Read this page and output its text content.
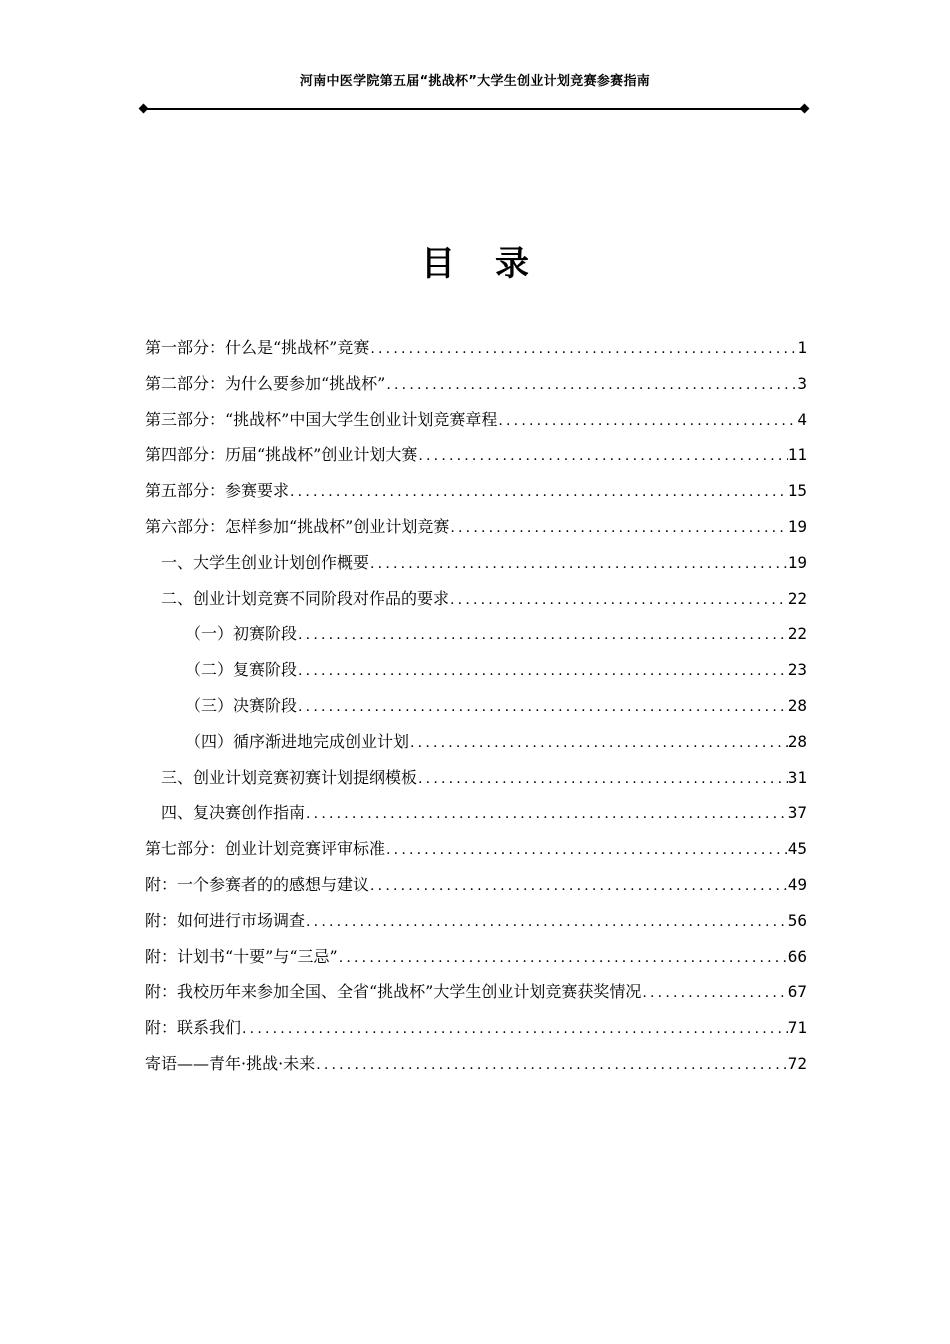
河南中医学院第五届“挑战杯”大学生创业计划竞赛参赛指南
目录
第一部分：什么是“挑战杯”竞赛 .....	1
第二部分：为什么要参加“挑战杯” .....	3
第三部分：“挑战杯”中国大学生创业计划竞赛章程 .....	4
第四部分：历届“挑战杯”创业计划大赛 .....	11
第五部分：参赛要求 .....	15
第六部分：怎样参加“挑战杯”创业计划竞赛 .....	19
一、大学生创业计划创作概要 .....	19
二、创业计划竞赛不同阶段对作品的要求 .....	22
（一）初赛阶段 .....	22
（二）复赛阶段 .....	23
（三）决赛阶段 .....	28
（四）循序渐进地完成创业计划 .....	28
三、创业计划竞赛初赛计划提纲模板 .....	31
四、复决赛创作指南 .....	37
第七部分：创业计划竞赛评审标准 .....	45
附：一个参赛者的的感想与建议 .....	49
附：如何进行市场调查 .....	56
附：计划书“十要”与“三忌” .....	66
附：我校历年来参加全国、全省“挑战杯”大学生创业计划竞赛获奖情况 .....	67
附：联系我们 .....	71
寄语——青年·挑战·未来 .....	72
